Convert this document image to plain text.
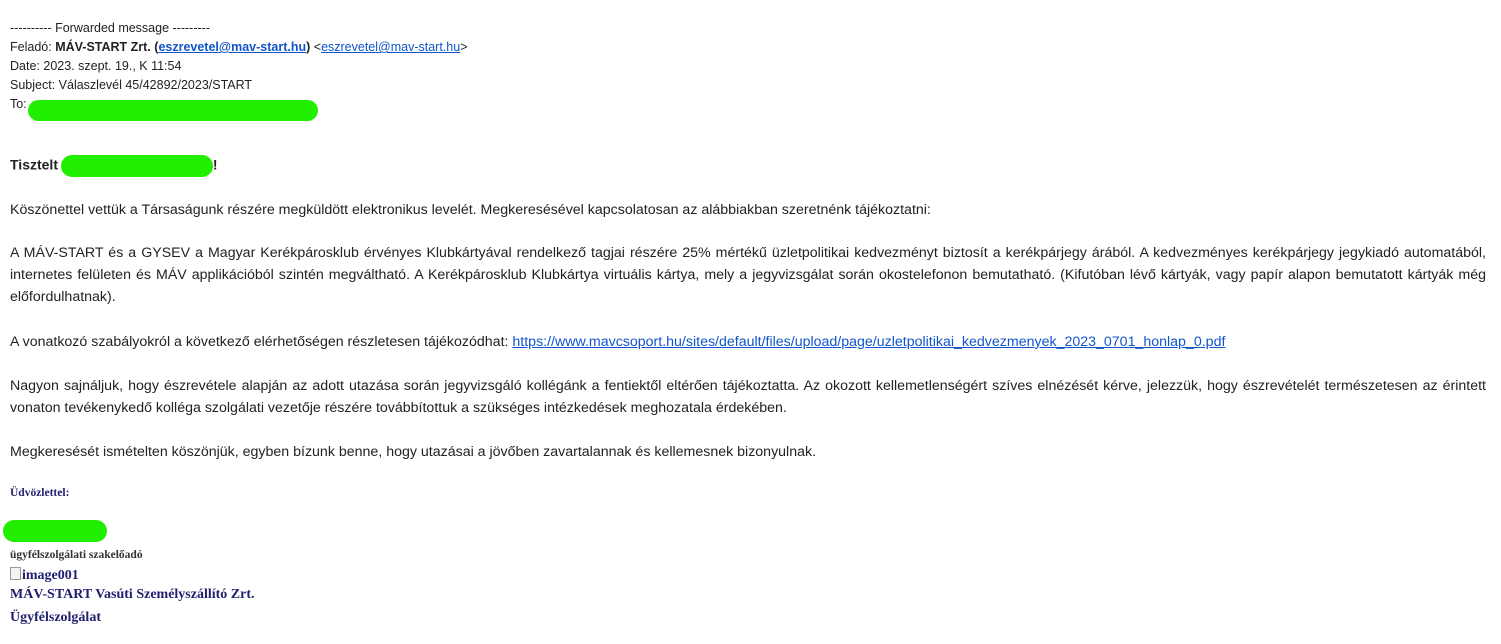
---------- Forwarded message ---------
Feladó: MÁV-START Zrt. (eszrevetel@mav-start.hu) <eszrevetel@mav-start.hu>
Date: 2023. szept. 19., K 11:54
Subject: Válaszlevél 45/42892/2023/START
To:
Tisztelt	!
Köszönettel vettük a Társaságunk részére megküldött elektronikus levelét. Megkeresésével kapcsolatosan az alábbiakban szeretnénk tájékoztatni:
A MÁV-START és a GYSEV a Magyar Kerékpárosklub érvényes Klubkártyával rendelkező tagjai részére 25% mértékű üzletpolitikai kedvezményt biztosít a kerékpárjegy árából. A kedvezményes kerékpárjegy jegykiadó automatából, internetes felületen és MÁV applikációból szintén megváltható. A Kerékpárosklub Klubkártya virtuális kártya, mely a jegyvizsgálat során okostelefonon bemutatható. (Kifutóban lévő kártyák, vagy papír alapon bemutatott kártyák még előfordulhatnak).
A vonatkozó szabályokról a következő elérhetőségen részletesen tájékozódhat: https://www.mavcsoport.hu/sites/default/files/upload/page/uzletpolitikai_kedvezmenyek_2023_0701_honlap_0.pdf
Nagyon sajnáljuk, hogy észrevétele alapján az adott utazása során jegyvizsgáló kollégánk a fentiektől eltérően tájékoztatta. Az okozott kellemetlenségért szíves elnézését kérve, jelezzük, hogy észrevételét természetesen az érintett vonaton tevékenykedő kolléga szolgálati vezetője részére továbbítottuk a szükséges intézkedések meghozatala érdekében.
Megkeresését ismételten köszönjük, egyben bízunk benne, hogy utazásai a jövőben zavartalannak és kellemesnek bizonyulnak.
Üdvözlettel:
ügyfélszolgálati szakelőadó
image001
MÁV-START Vasúti Személyszállító Zrt.
Ügyfélszolgálat
